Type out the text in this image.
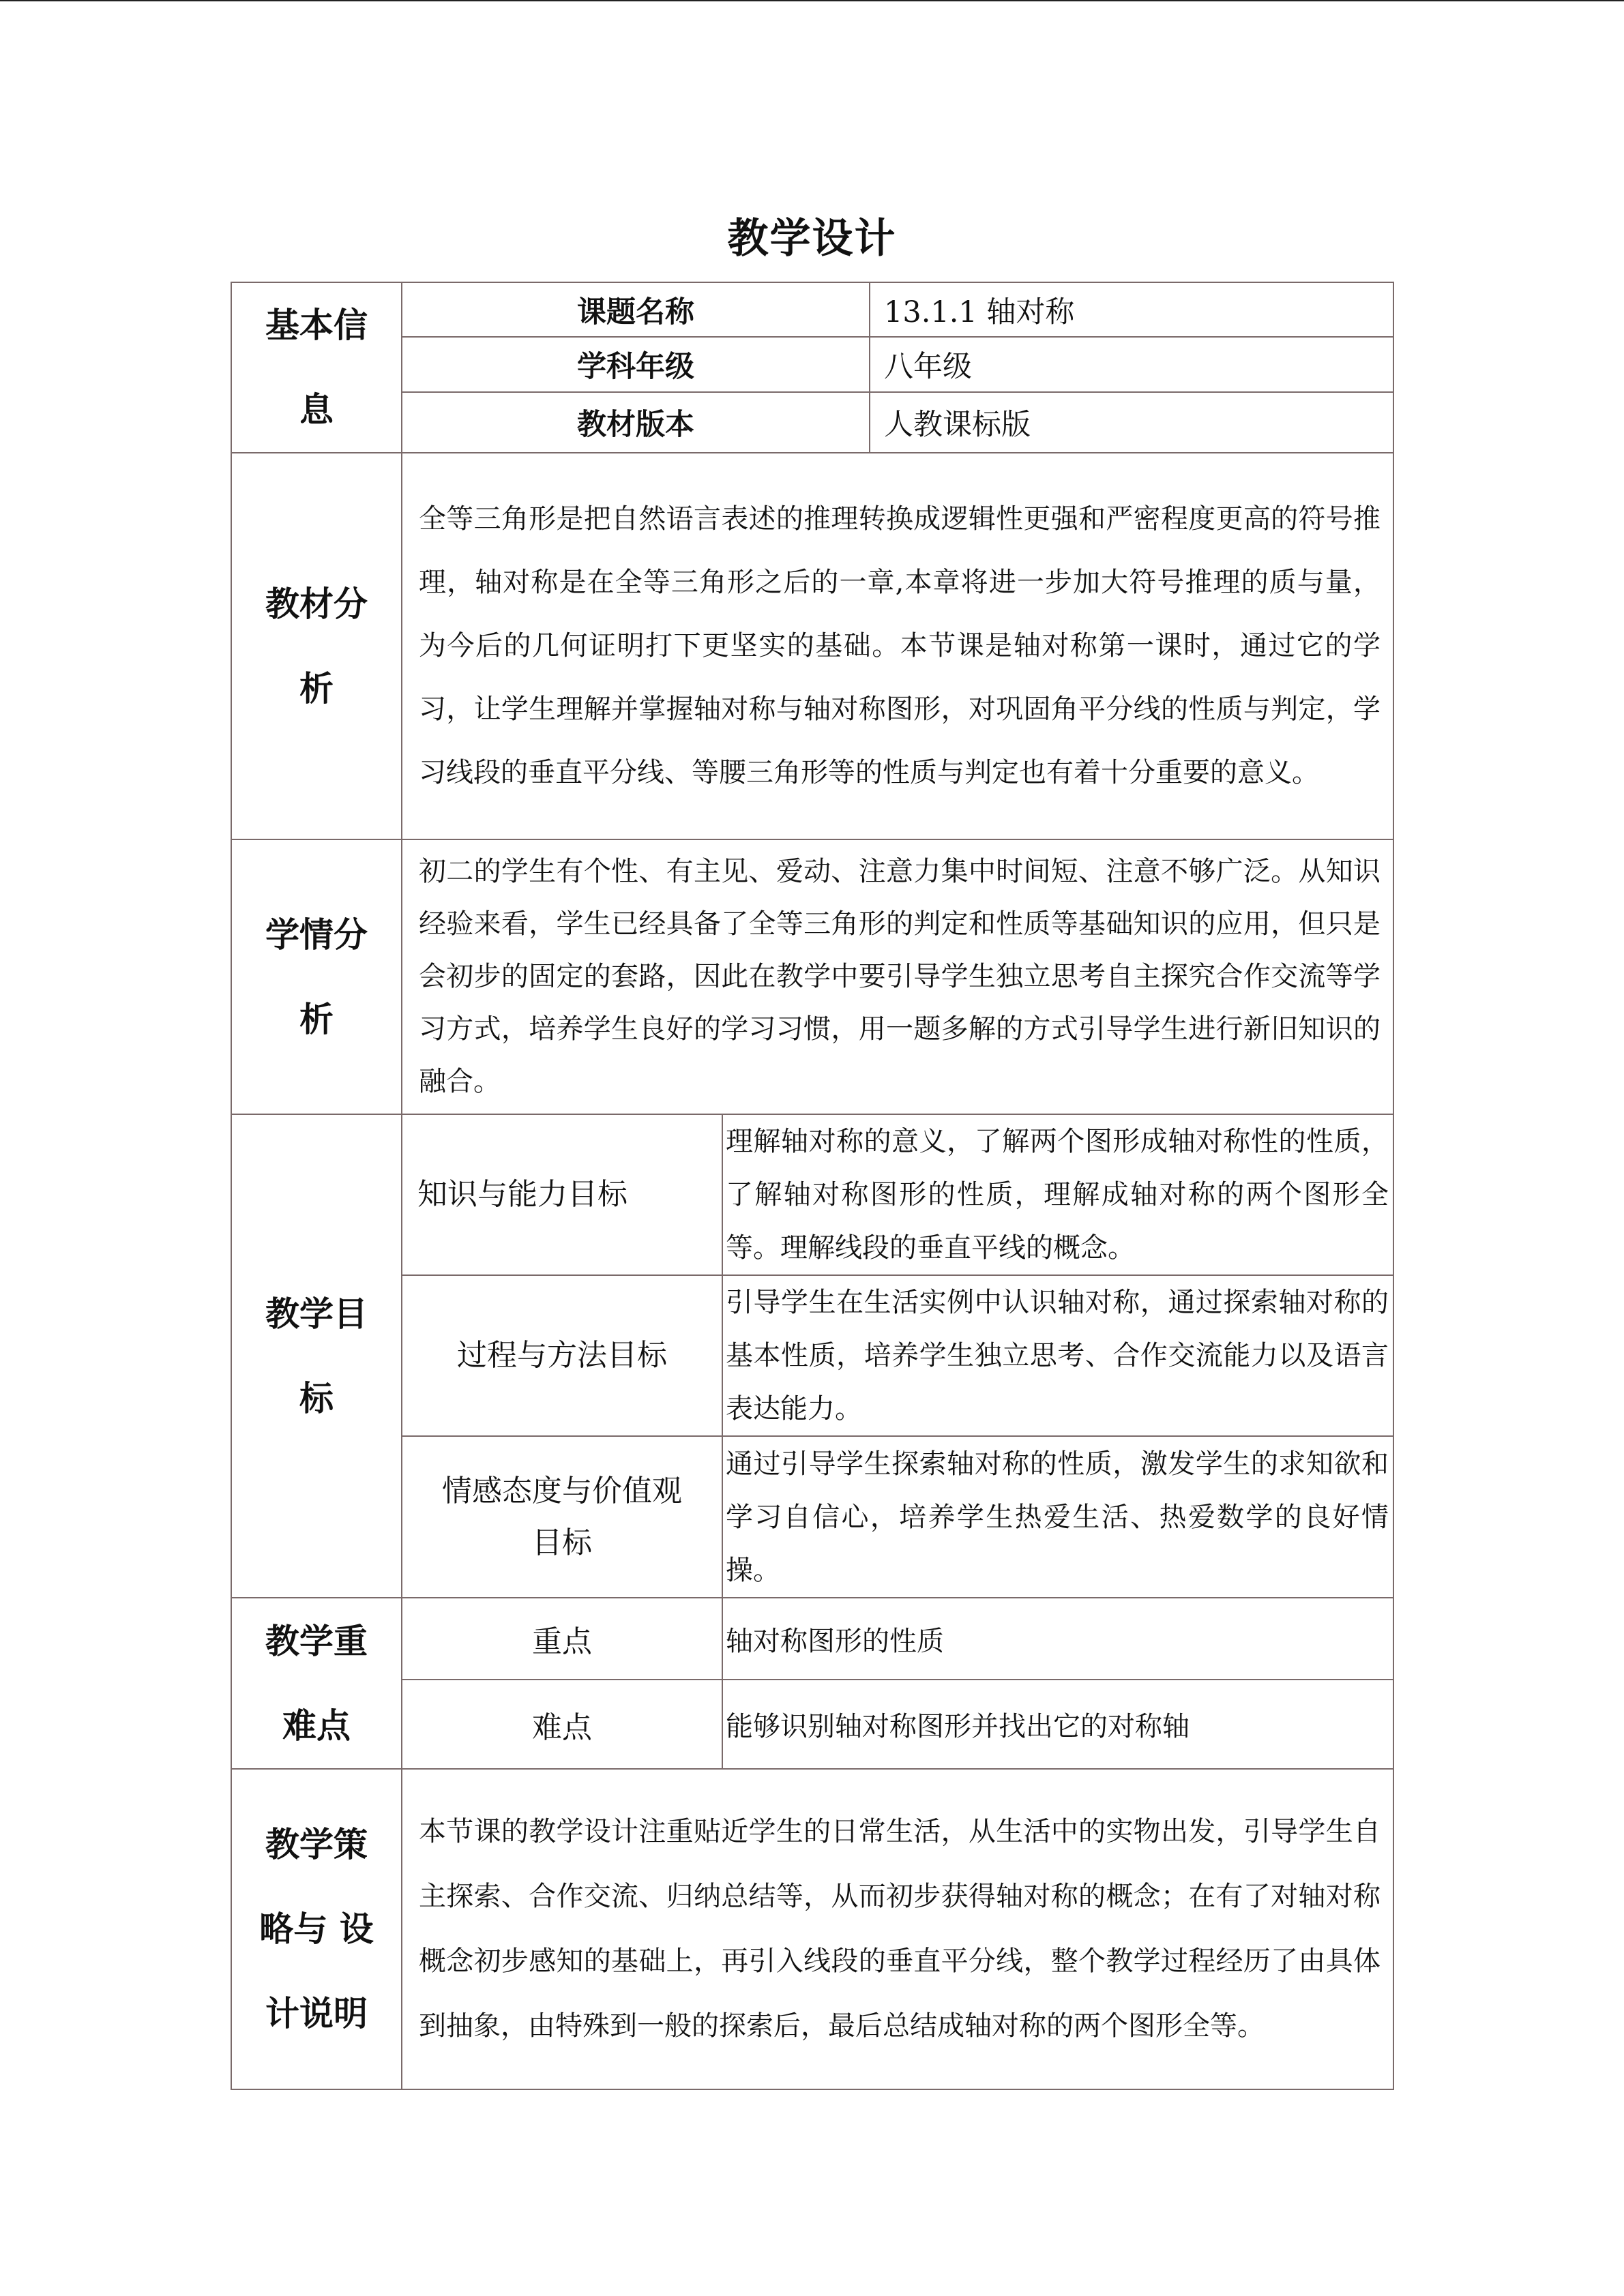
教学设计
基本信息	课题名称		13.1.1 轴对称
	学科年级		八年级
	教材版本		人教课标版
教材分析	全等三角形是把自然语言表述的推理转换成逻辑性更强和严密程度更高的符号推理，轴对称是在全等三角形之后的一章,本章将进一步加大符号推理的质与量，为今后的几何证明打下更坚实的基础。本节课是轴对称第一课时，通过它的学习，让学生理解并掌握轴对称与轴对称图形，对巩固角平分线的性质与判定，学习线段的垂直平分线、等腰三角形等的性质与判定也有着十分重要的意义。		
学情分析	初二的学生有个性、有主见、爱动、注意力集中时间短、注意不够广泛。从知识经验来看，学生已经具备了全等三角形的判定和性质等基础知识的应用，但只是会初步的固定的套路，因此在教学中要引导学生独立思考自主探究合作交流等学习方式，培养学生良好的学习习惯，用一题多解的方式引导学生进行新旧知识的融合。		
教学目标	知识与能力目标	理解轴对称的意义，了解两个图形成轴对称性的性质，了解轴对称图形的性质，理解成轴对称的两个图形全等。理解线段的垂直平线的概念。	
	过程与方法目标	引导学生在生活实例中认识轴对称，通过探索轴对称的基本性质，培养学生独立思考、合作交流能力以及语言表达能力。	
	情感态度与价值观目标	通过引导学生探索轴对称的性质，激发学生的求知欲和学习自信心，培养学生热爱生活、热爱数学的良好情操。	
教学重难点	重点	轴对称图形的性质	
	难点	能够识别轴对称图形并找出它的对称轴	
教学策略与 设计说明	本节课的教学设计注重贴近学生的日常生活，从生活中的实物出发，引导学生自主探索、合作交流、归纳总结等，从而初步获得轴对称的概念；在有了对轴对称概念初步感知的基础上，再引入线段的垂直平分线，整个教学过程经历了由具体到抽象，由特殊到一般的探索后，最后总结成轴对称的两个图形全等。		
